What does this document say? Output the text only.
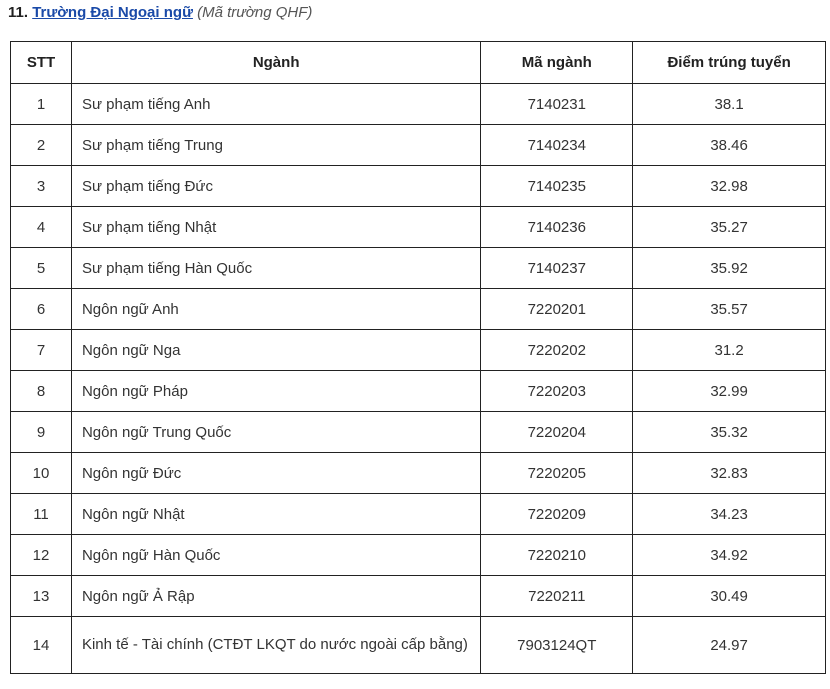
11. Trường Đại Ngoại ngữ (Mã trường QHF)
STT	Ngành	Mã ngành	Điểm trúng tuyển
1	Sư phạm tiếng Anh	7140231	38.1
2	Sư phạm tiếng Trung	7140234	38.46
3	Sư phạm tiếng Đức	7140235	32.98
4	Sư phạm tiếng Nhật	7140236	35.27
5	Sư phạm tiếng Hàn Quốc	7140237	35.92
6	Ngôn ngữ Anh	7220201	35.57
7	Ngôn ngữ Nga	7220202	31.2
8	Ngôn ngữ Pháp	7220203	32.99
9	Ngôn ngữ Trung Quốc	7220204	35.32
10	Ngôn ngữ Đức	7220205	32.83
11	Ngôn ngữ Nhật	7220209	34.23
12	Ngôn ngữ Hàn Quốc	7220210	34.92
13	Ngôn ngữ Ả Rập	7220211	30.49
14	Kinh tế - Tài chính (CTĐT LKQT do nước ngoài cấp bằng)	7903124QT	24.97
